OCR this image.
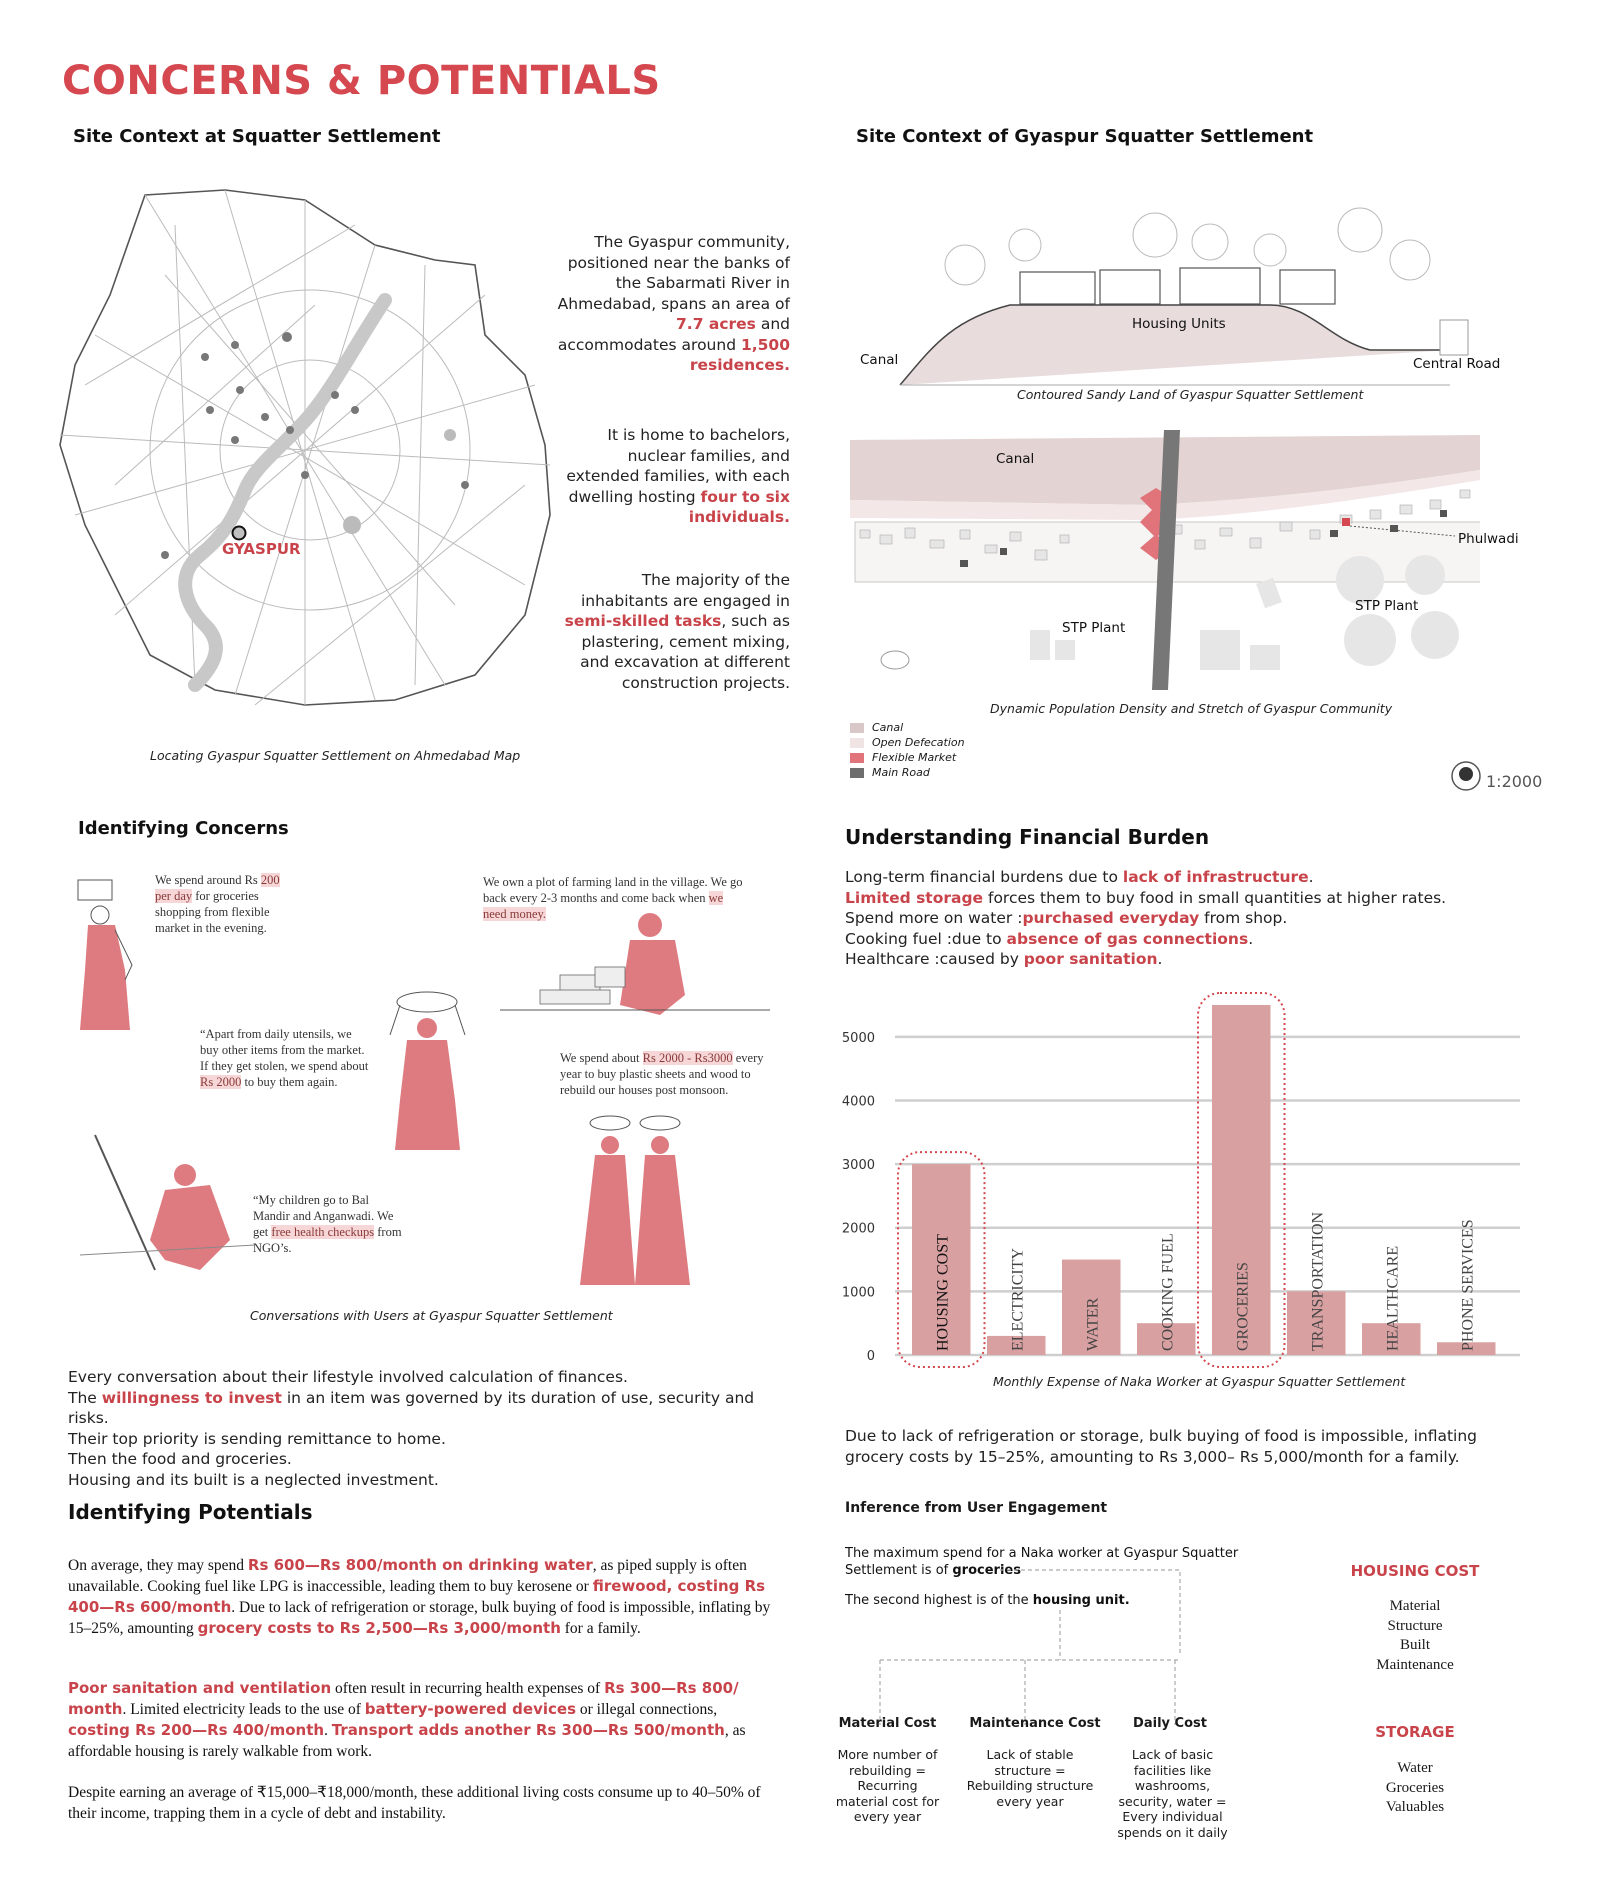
CONCERNS & POTENTIALS
Site Context at Squatter Settlement
GYASPUR
Locating Gyaspur Squatter Settlement on Ahmedabad Map
The Gyaspur community, positioned near the banks of the Sabarmati River in Ahmedabad, spans an area of 7.7 acres and accommodates around 1,500 residences.
It is home to bachelors, nuclear families, and extended families, with each dwelling hosting four to six individuals.
The majority of the inhabitants are engaged in semi-skilled tasks, such as plastering, cement mixing, and excavation at different construction projects.
Site Context of Gyaspur Squatter Settlement
Housing Units
Canal	Central Road
Contoured Sandy Land of Gyaspur Squatter Settlement
Canal
Phulwadi
STP Plant
STP Plant
Dynamic Population Density and Stretch of Gyaspur Community
Canal
Open Defecation
Flexible Market
Main Road	1:2000
Identifying Concerns
We spend around Rs 200 per day for groceries shopping from flexible market in the evening.
We own a plot of farming land in the village. We go back every 2-3 months and come back when we need money.
“Apart from daily utensils, we buy other items from the market. If they get stolen, we spend about Rs 2000 to buy them again.
We spend about Rs 2000 - Rs3000 every year to buy plastic sheets and wood to rebuild our houses post monsoon.
“My children go to Bal Mandir and Anganwadi. We get free health checkups from NGO’s.
Conversations with Users at Gyaspur Squatter Settlement
Every conversation about their lifestyle involved calculation of finances.
The willingness to invest in an item was governed by its duration of use, security and risks.
Their top priority is sending remittance to home.
Then the food and groceries.
Housing and its built is a neglected investment.
Identifying Potentials
On average, they may spend Rs 600—Rs 800/month on drinking water, as piped supply is often unavailable. Cooking fuel like LPG is inaccessible, leading them to buy kerosene or firewood, costing Rs 400—Rs 600/month. Due to lack of refrigeration or storage, bulk buying of food is impossible, inflating by 15–25%, amounting grocery costs to Rs 2,500—Rs 3,000/month for a family.
Poor sanitation and ventilation often result in recurring health expenses of Rs 300—Rs 800/ month. Limited electricity leads to the use of battery-powered devices or illegal connections, costing Rs 200—Rs 400/month. Transport adds another Rs 300—Rs 500/month, as affordable housing is rarely walkable from work.
Despite earning an average of ₹15,000–₹18,000/month, these additional living costs consume up to 40–50% of their income, trapping them in a cycle of debt and instability.
Understanding Financial Burden
Long-term financial burdens due to lack of infrastructure.
Limited storage forces them to buy food in small quantities at higher rates.
Spend more on water :purchased everyday from shop.
Cooking fuel :due to absence of gas connections.
Healthcare :caused by poor sanitation.
0
1000
2000
3000
4000
5000
HOUSING COST	ELECTRICITY	WATER	COOKING FUEL	GROCERIES	TRANSPORTATION	HEALTHCARE	PHONE SERVICES
Monthly Expense of Naka Worker at Gyaspur Squatter Settlement
Due to lack of refrigeration or storage, bulk buying of food is impossible, inflating grocery costs by 15–25%, amounting to Rs 3,000– Rs 5,000/month for a family.
Inference from User Engagement
The maximum spend for a Naka worker at Gyaspur Squatter Settlement is of groceries
The second highest is of the housing unit.
Material Cost
More number of rebuilding = Recurring material cost for every year
Maintenance Cost
Lack of stable structure = Rebuilding structure every year
Daily Cost
Lack of basic facilities like washrooms, security, water = Every individual spends on it daily
HOUSING COST
Material
Structure
Built
Maintenance
STORAGE
Water
Groceries
Valuables
